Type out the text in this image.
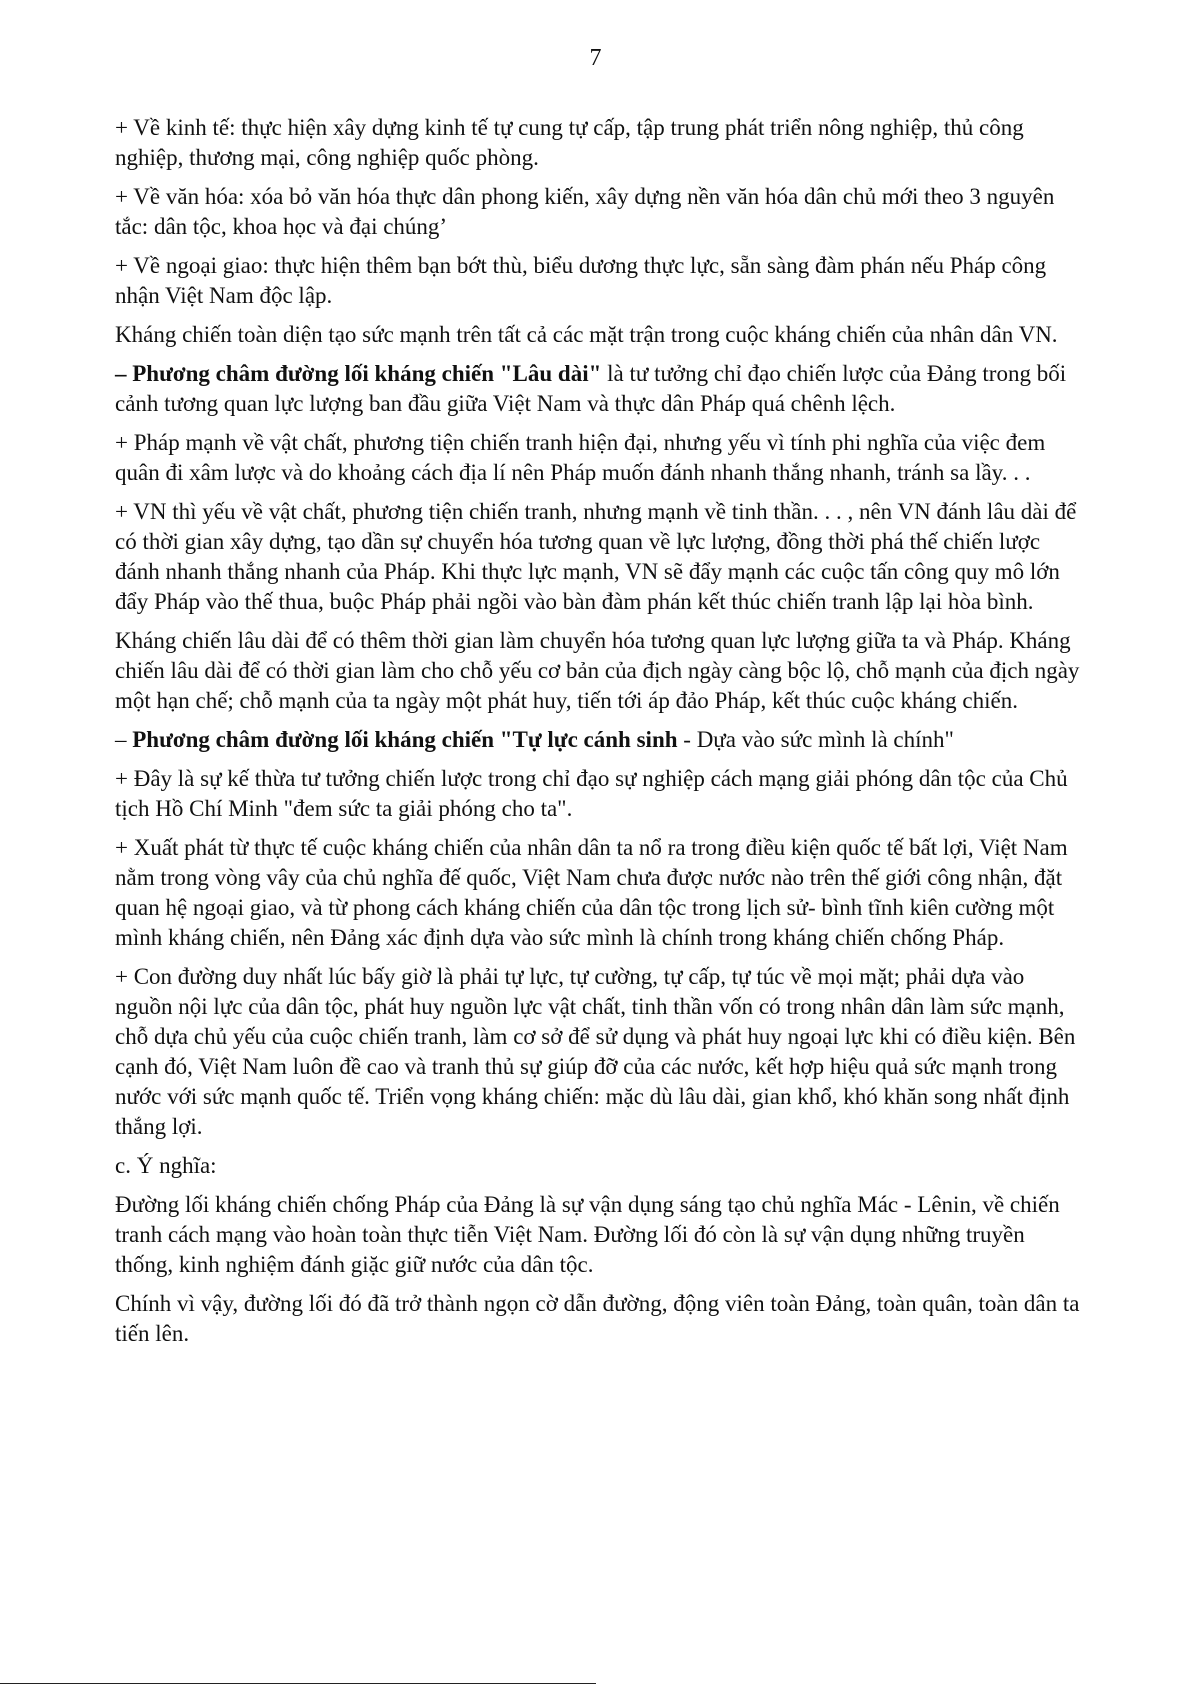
7

+ Về kinh tế: thực hiện xây dựng kinh tế tự cung tự cấp, tập trung phát triển nông nghiệp, thủ công nghiệp, thương mại, công nghiệp quốc phòng.

+ Về văn hóa: xóa bỏ văn hóa thực dân phong kiến, xây dựng nền văn hóa dân chủ mới theo 3 nguyên tắc: dân tộc, khoa học và đại chúng’

+ Về ngoại giao: thực hiện thêm bạn bớt thù, biểu dương thực lực, sẵn sàng đàm phán nếu Pháp công nhận Việt Nam độc lập.

Kháng chiến toàn diện tạo sức mạnh trên tất cả các mặt trận trong cuộc kháng chiến của nhân dân VN.

– Phương châm đường lối kháng chiến "Lâu dài" là tư tưởng chỉ đạo chiến lược của Đảng trong bối cảnh tương quan lực lượng ban đầu giữa Việt Nam và thực dân Pháp quá chênh lệch.

+ Pháp mạnh về vật chất, phương tiện chiến tranh hiện đại, nhưng yếu vì tính phi nghĩa của việc đem quân đi xâm lược và do khoảng cách địa lí nên Pháp muốn đánh nhanh thắng nhanh, tránh sa lầy. . .

+ VN thì yếu về vật chất, phương tiện chiến tranh, nhưng mạnh về tinh thần. . . , nên VN đánh lâu dài để có thời gian xây dựng, tạo dần sự chuyển hóa tương quan về lực lượng, đồng thời phá thế chiến lược đánh nhanh thắng nhanh của Pháp. Khi thực lực mạnh, VN sẽ đẩy mạnh các cuộc tấn công quy mô lớn đẩy Pháp vào thế thua, buộc Pháp phải ngồi vào bàn đàm phán kết thúc chiến tranh lập lại hòa bình.

Kháng chiến lâu dài để có thêm thời gian làm chuyển hóa tương quan lực lượng giữa ta và Pháp. Kháng chiến lâu dài để có thời gian làm cho chỗ yếu cơ bản của địch ngày càng bộc lộ, chỗ mạnh của địch ngày một hạn chế; chỗ mạnh của ta ngày một phát huy, tiến tới áp đảo Pháp, kết thúc cuộc kháng chiến.

– Phương châm đường lối kháng chiến "Tự lực cánh sinh - Dựa vào sức mình là chính"

+ Đây là sự kế thừa tư tưởng chiến lược trong chỉ đạo sự nghiệp cách mạng giải phóng dân tộc của Chủ tịch Hồ Chí Minh "đem sức ta giải phóng cho ta".

+ Xuất phát từ thực tế cuộc kháng chiến của nhân dân ta nổ ra trong điều kiện quốc tế bất lợi, Việt Nam nằm trong vòng vây của chủ nghĩa đế quốc, Việt Nam chưa được nước nào trên thế giới công nhận, đặt quan hệ ngoại giao, và từ phong cách kháng chiến của dân tộc trong lịch sử- bình tĩnh kiên cường một mình kháng chiến, nên Đảng xác định dựa vào sức mình là chính trong kháng chiến chống Pháp.

+ Con đường duy nhất lúc bấy giờ là phải tự lực, tự cường, tự cấp, tự túc về mọi mặt; phải dựa vào nguồn nội lực của dân tộc, phát huy nguồn lực vật chất, tinh thần vốn có trong nhân dân làm sức mạnh, chỗ dựa chủ yếu của cuộc chiến tranh, làm cơ sở để sử dụng và phát huy ngoại lực khi có điều kiện. Bên cạnh đó, Việt Nam luôn đề cao và tranh thủ sự giúp đỡ của các nước, kết hợp hiệu quả sức mạnh trong nước với sức mạnh quốc tế. Triển vọng kháng chiến: mặc dù lâu dài, gian khổ, khó khăn song nhất định thắng lợi.

c. Ý nghĩa:

Đường lối kháng chiến chống Pháp của Đảng là sự vận dụng sáng tạo chủ nghĩa Mác - Lênin, về chiến tranh cách mạng vào hoàn toàn thực tiễn Việt Nam. Đường lối đó còn là sự vận dụng những truyền thống, kinh nghiệm đánh giặc giữ nước của dân tộc.

Chính vì vậy, đường lối đó đã trở thành ngọn cờ dẫn đường, động viên toàn Đảng, toàn quân, toàn dân ta tiến lên.
